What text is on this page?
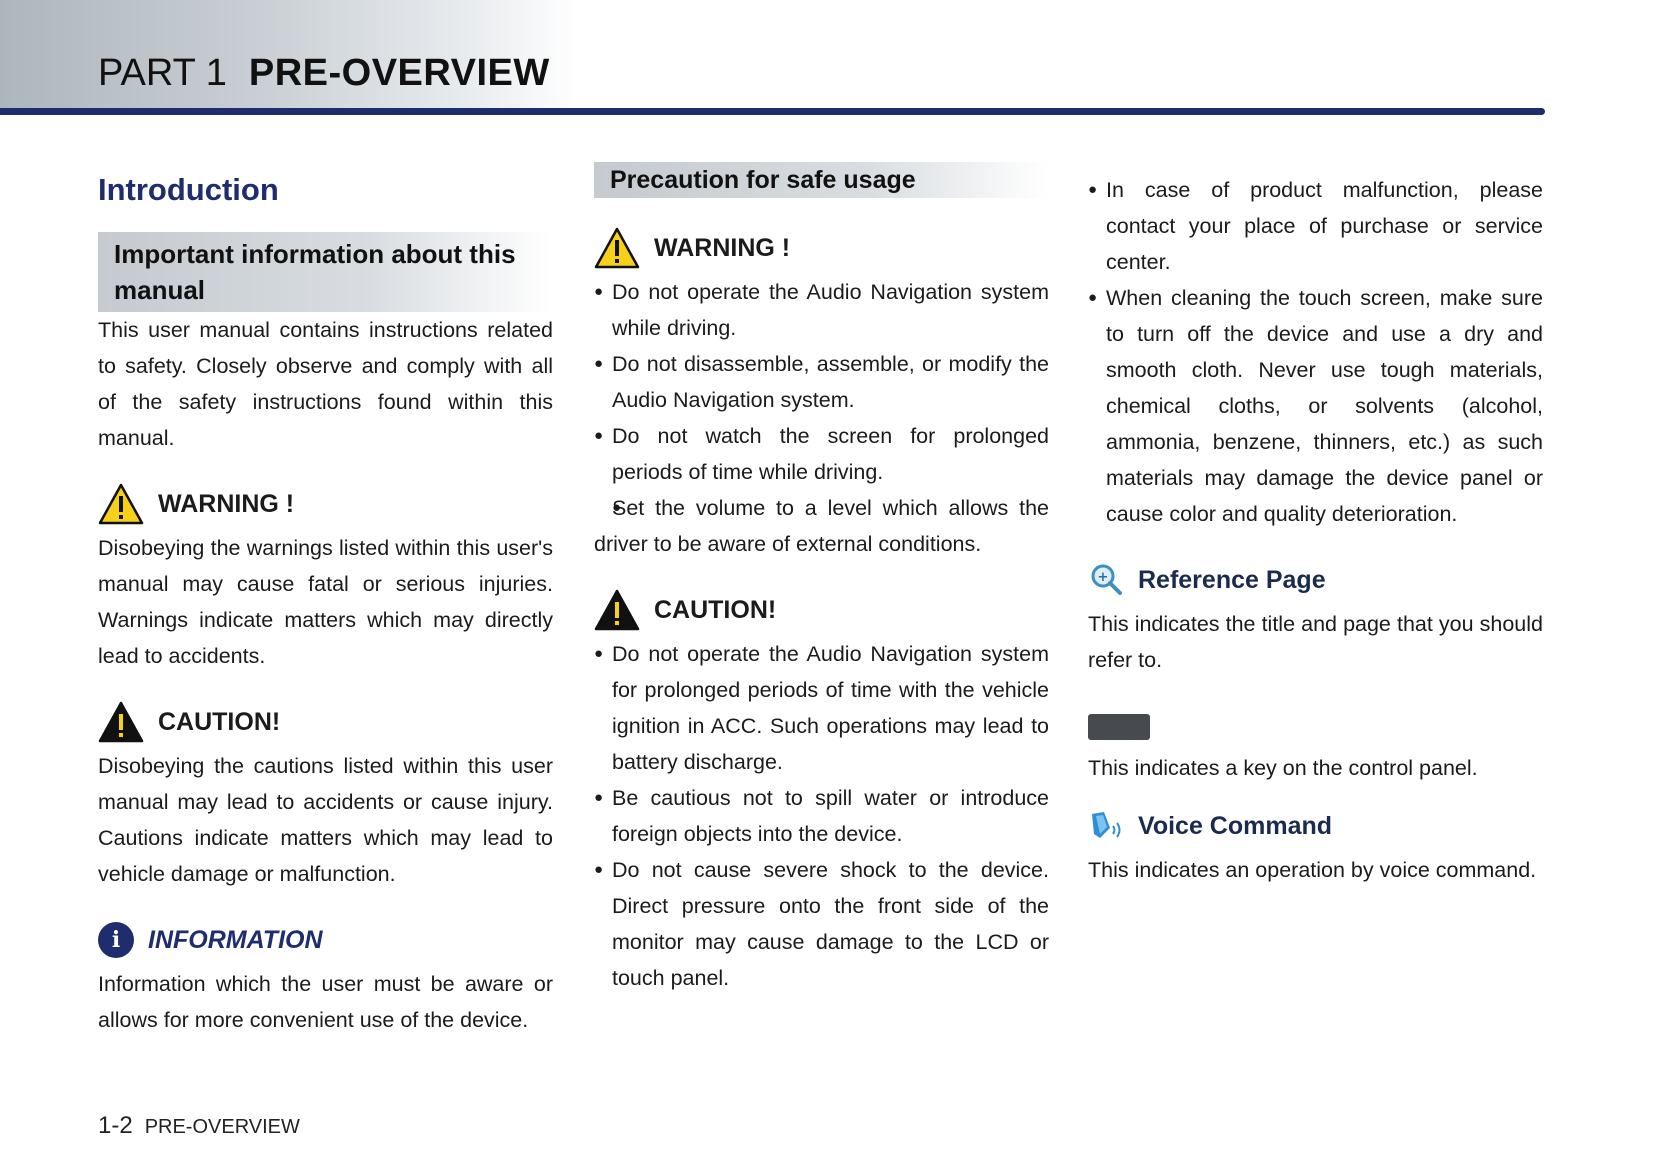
PART 1 PRE-OVERVIEW
Introduction
Important information about this manual

This user manual contains instructions related to safety. Closely observe and comply with all of the safety instructions found within this manual.

WARNING !

Disobeying the warnings listed within this user's manual may cause fatal or serious injuries. Warnings indicate matters which may directly lead to accidents.

CAUTION!

Disobeying the cautions listed within this user manual may lead to accidents or cause injury. Cautions indicate matters which may lead to vehicle damage or malfunction.

i	INFORMATION

Information which the user must be aware or allows for more convenient use of the device.

Precaution for safe usage
WARNING !
● Do not operate the Audio Navigation system while driving.
● Do not disassemble, assemble, or modify the Audio Navigation system.
● Do not watch the screen for prolonged periods of time while driving.
● Set the volume to a level which allows the driver to be aware of external conditions.
CAUTION!
● Do not operate the Audio Navigation system for prolonged periods of time with the vehicle ignition in ACC. Such operations may lead to battery discharge.
● Be cautious not to spill water or introduce foreign objects into the device.
● Do not cause severe shock to the device. Direct pressure onto the front side of the monitor may cause damage to the LCD or touch panel.
● In case of product malfunction, please contact your place of purchase or service center.
● When cleaning the touch screen, make sure to turn off the device and use a dry and smooth cloth. Never use tough materials, chemical cloths, or solvents (alcohol, ammonia, benzene, thinners, etc.) as such materials may damage the device panel or cause color and quality deterioration.
+ Reference Page

This indicates the title and page that you should refer to.

This indicates a key on the control panel.

Voice Command

This indicates an operation by voice command.

1-2 PRE-OVERVIEW
